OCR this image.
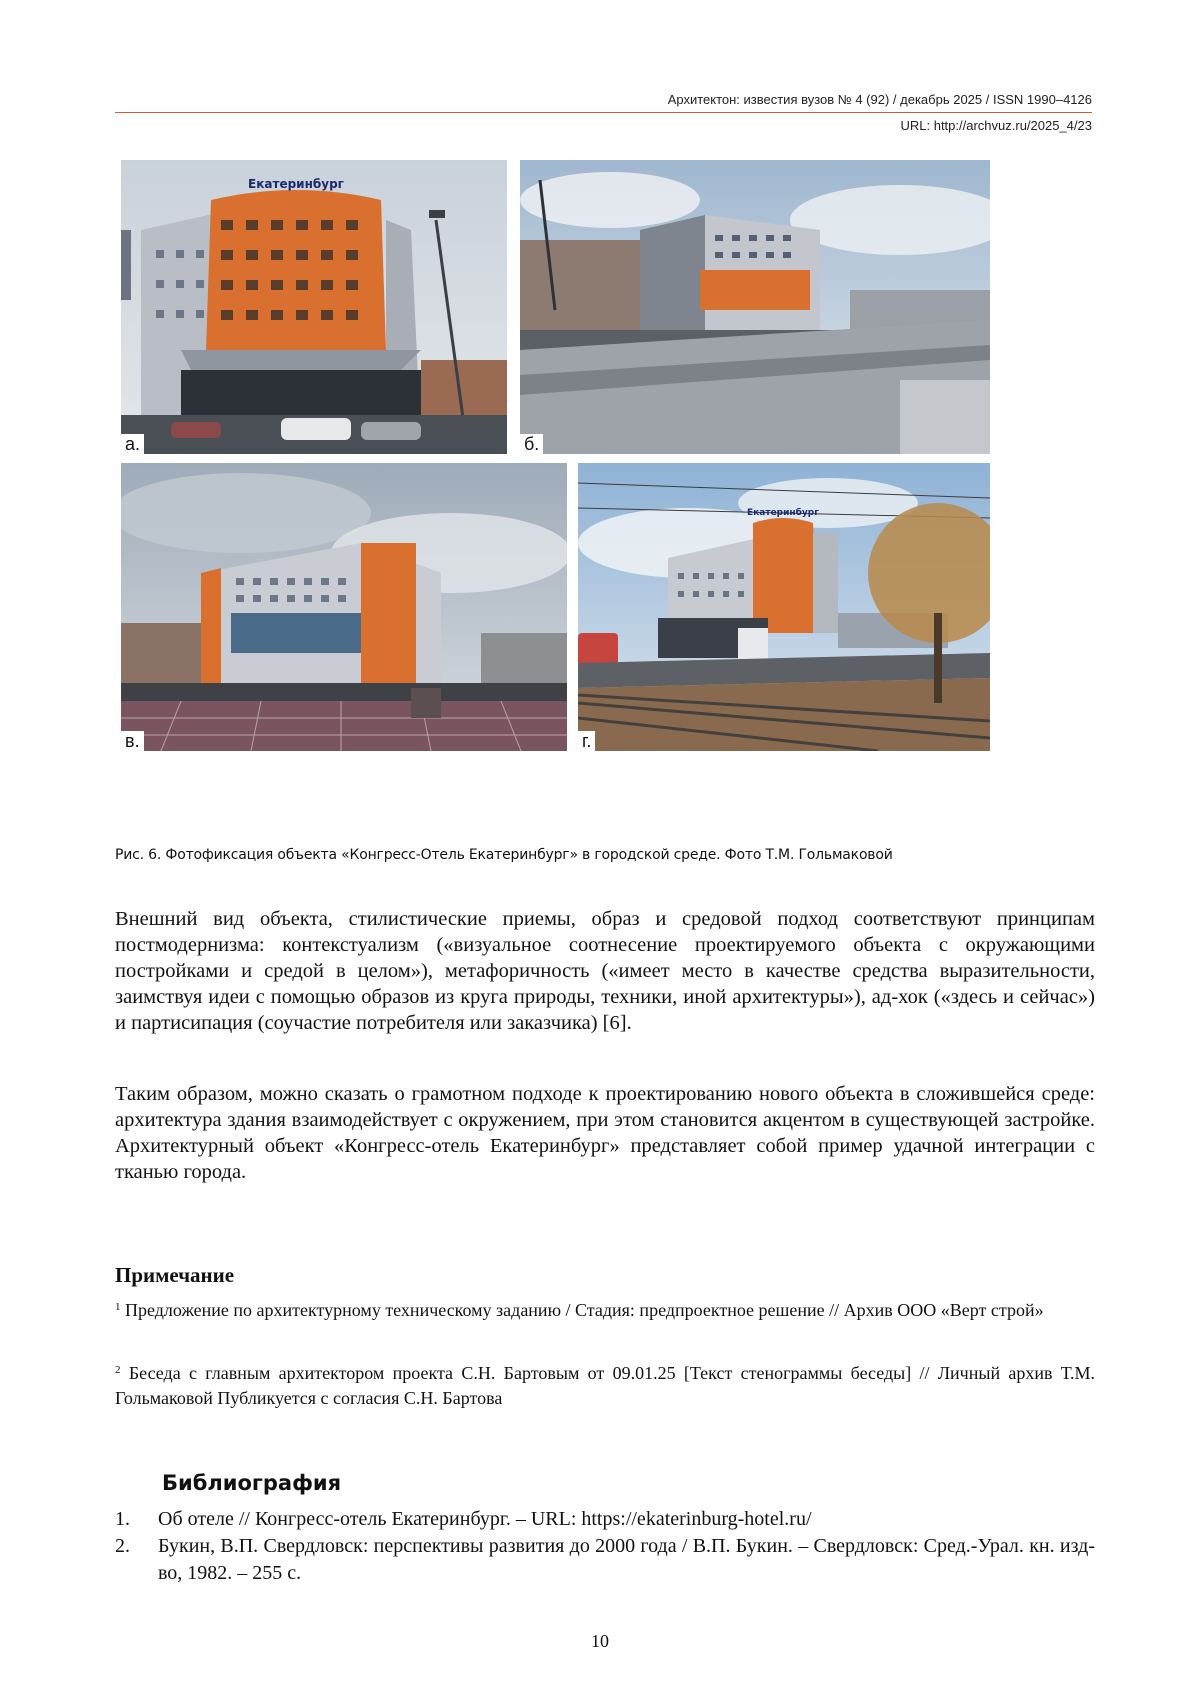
Архитектон: известия вузов № 4 (92) / декабрь 2025 / ISSN 1990–4126
URL: http://archvuz.ru/2025_4/23
Екатеринбург
а.	б.
в.
Екатеринбург
г.
Рис. 6. Фотофиксация объекта «Конгресс-Отель Екатеринбург» в городской среде. Фото Т.М. Гольмаковой

Внешний вид объекта, стилистические приемы, образ и средовой подход соответствуют принципам постмодернизма: контекстуализм («визуальное соотнесение проектируемого объекта с окружающими постройками и средой в целом»), метафоричность («имеет место в качестве средства выразительности, заимствуя идеи с помощью образов из круга природы, техники, иной архитектуры»), ад-хок («здесь и сейчас») и партисипация (соучастие потребителя или заказчика) [6].

Таким образом, можно сказать о грамотном подходе к проектированию нового объекта в сложившейся среде: архитектура здания взаимодействует с окружением, при этом становится акцентом в существующей застройке. Архитектурный объект «Конгресс-отель Екатеринбург» представляет собой пример удачной интеграции с тканью города.

Примечание
$^1$ Предложение по архитектурному техническому заданию / Стадия: предпроектное решение // Архив ООО «Верт строй»
$^2$ Беседа с главным архитектором проекта С.Н. Бартовым от 09.01.25 [Текст стенограммы беседы] // Личный архив Т.М. Гольмаковой Публикуется с согласия С.Н. Бартова
Библиография
1. Об отеле // Конгресс-отель Екатеринбург. – URL: https://ekaterinburg-hotel.ru/
2. Букин, В.П. Свердловск: перспективы развития до 2000 года / В.П. Букин. – Свердловск: Сред.-Урал. кн. изд-во, 1982. – 255 с.
10
